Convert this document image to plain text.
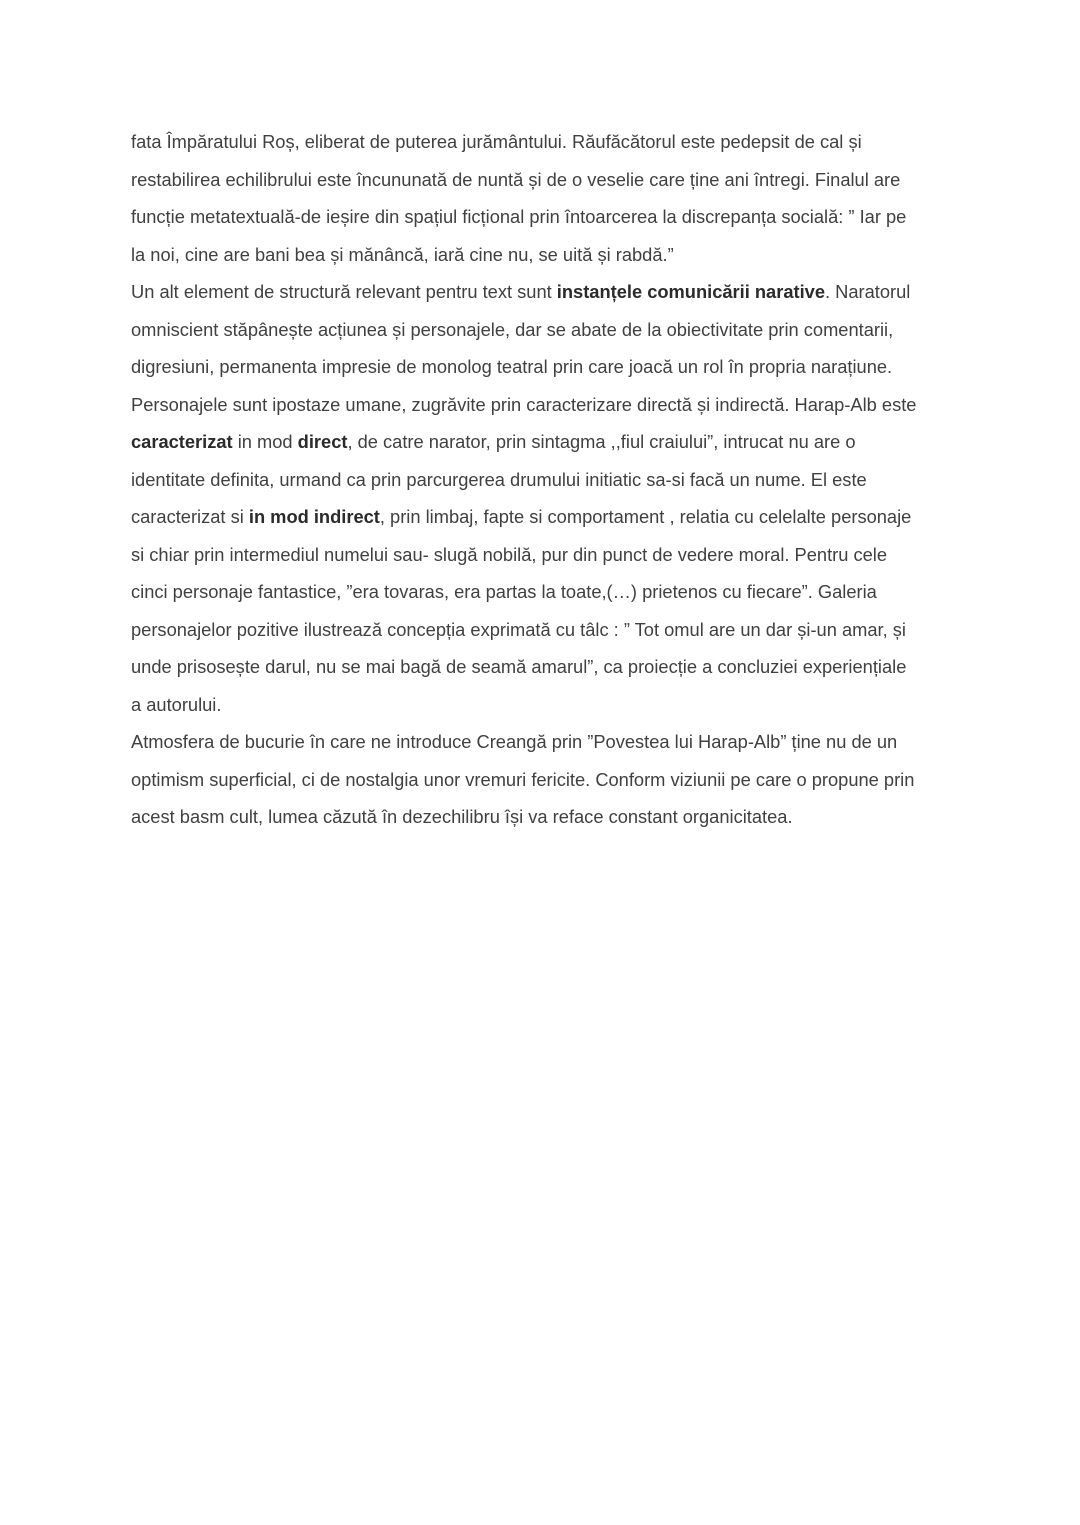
fata Împăratului Roș, eliberat de puterea jurământului. Răufăcătorul este pedepsit de cal și
restabilirea echilibrului este încununată de nuntă și de o veselie care ține ani întregi. Finalul are
funcție metatextuală-de ieșire din spațiul ficțional prin întoarcerea la discrepanța socială: ” Iar pe
la noi, cine are bani bea și mănâncă, iară cine nu, se uită și rabdă.”
Un alt element de structură relevant pentru text sunt instanțele comunicării narative. Naratorul
omniscient stăpânește acțiunea și personajele, dar se abate de la obiectivitate prin comentarii,
digresiuni, permanenta impresie de monolog teatral prin care joacă un rol în propria narațiune.
Personajele sunt ipostaze umane, zugrăvite prin caracterizare directă și indirectă. Harap-Alb este
caracterizat in mod direct, de catre narator, prin sintagma ,,fiul craiului”, intrucat nu are o
identitate definita, urmand ca prin parcurgerea drumului initiatic sa-si facă un nume. El este
caracterizat si in mod indirect, prin limbaj, fapte si comportament , relatia cu celelalte personaje
si chiar prin intermediul numelui sau- slugă nobilă, pur din punct de vedere moral. Pentru cele
cinci personaje fantastice, ”era tovaras, era partas la toate,(…) prietenos cu fiecare”. Galeria
personajelor pozitive ilustrează concepția exprimată cu tâlc : ” Tot omul are un dar și-un amar, și
unde prisosește darul, nu se mai bagă de seamă amarul”, ca proiecție a concluziei experiențiale
a autorului.
Atmosfera de bucurie în care ne introduce Creangă prin ”Povestea lui Harap-Alb” ține nu de un
optimism superficial, ci de nostalgia unor vremuri fericite. Conform viziunii pe care o propune prin
acest basm cult, lumea căzută în dezechilibru își va reface constant organicitatea.
